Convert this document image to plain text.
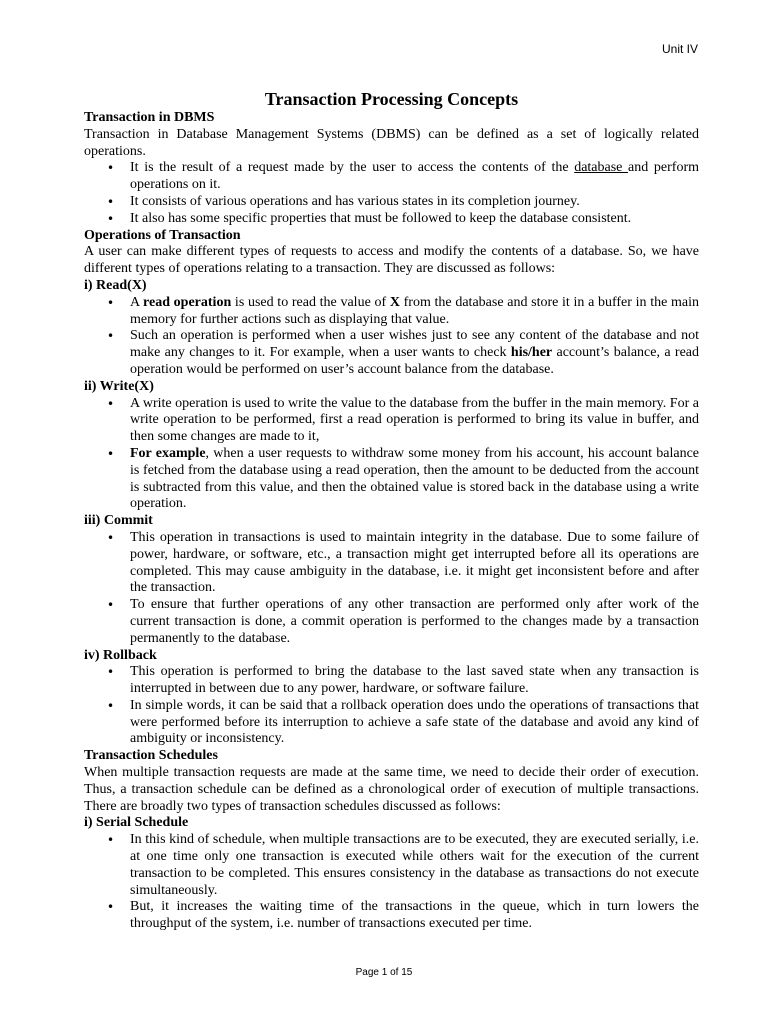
Unit IV
Transaction Processing Concepts
Transaction in DBMS

Transaction in Database Management Systems (DBMS) can be defined as a set of logically related operations.

• It is the result of a request made by the user to access the contents of the database and perform operations on it.
• It consists of various operations and has various states in its completion journey.
• It also has some specific properties that must be followed to keep the database consistent.
Operations of Transaction

A user can make different types of requests to access and modify the contents of a database. So, we have different types of operations relating to a transaction. They are discussed as follows:

i) Read(X)
• A read operation is used to read the value of X from the database and store it in a buffer in the main memory for further actions such as displaying that value.
• Such an operation is performed when a user wishes just to see any content of the database and not make any changes to it. For example, when a user wants to check his/her account’s balance, a read operation would be performed on user’s account balance from the database.
ii) Write(X)
• A write operation is used to write the value to the database from the buffer in the main memory. For a write operation to be performed, first a read operation is performed to bring its value in buffer, and then some changes are made to it,
• For example, when a user requests to withdraw some money from his account, his account balance is fetched from the database using a read operation, then the amount to be deducted from the account is subtracted from this value, and then the obtained value is stored back in the database using a write operation.
iii) Commit
• This operation in transactions is used to maintain integrity in the database. Due to some failure of power, hardware, or software, etc., a transaction might get interrupted before all its operations are completed. This may cause ambiguity in the database, i.e. it might get inconsistent before and after the transaction.
• To ensure that further operations of any other transaction are performed only after work of the current transaction is done, a commit operation is performed to the changes made by a transaction permanently to the database.
iv) Rollback
• This operation is performed to bring the database to the last saved state when any transaction is interrupted in between due to any power, hardware, or software failure.
• In simple words, it can be said that a rollback operation does undo the operations of transactions that were performed before its interruption to achieve a safe state of the database and avoid any kind of ambiguity or inconsistency.
Transaction Schedules

When multiple transaction requests are made at the same time, we need to decide their order of execution. Thus, a transaction schedule can be defined as a chronological order of execution of multiple transactions. There are broadly two types of transaction schedules discussed as follows:

i) Serial Schedule
• In this kind of schedule, when multiple transactions are to be executed, they are executed serially, i.e. at one time only one transaction is executed while others wait for the execution of the current transaction to be completed. This ensures consistency in the database as transactions do not execute simultaneously.
• But, it increases the waiting time of the transactions in the queue, which in turn lowers the throughput of the system, i.e. number of transactions executed per time.
Page 1 of 15
